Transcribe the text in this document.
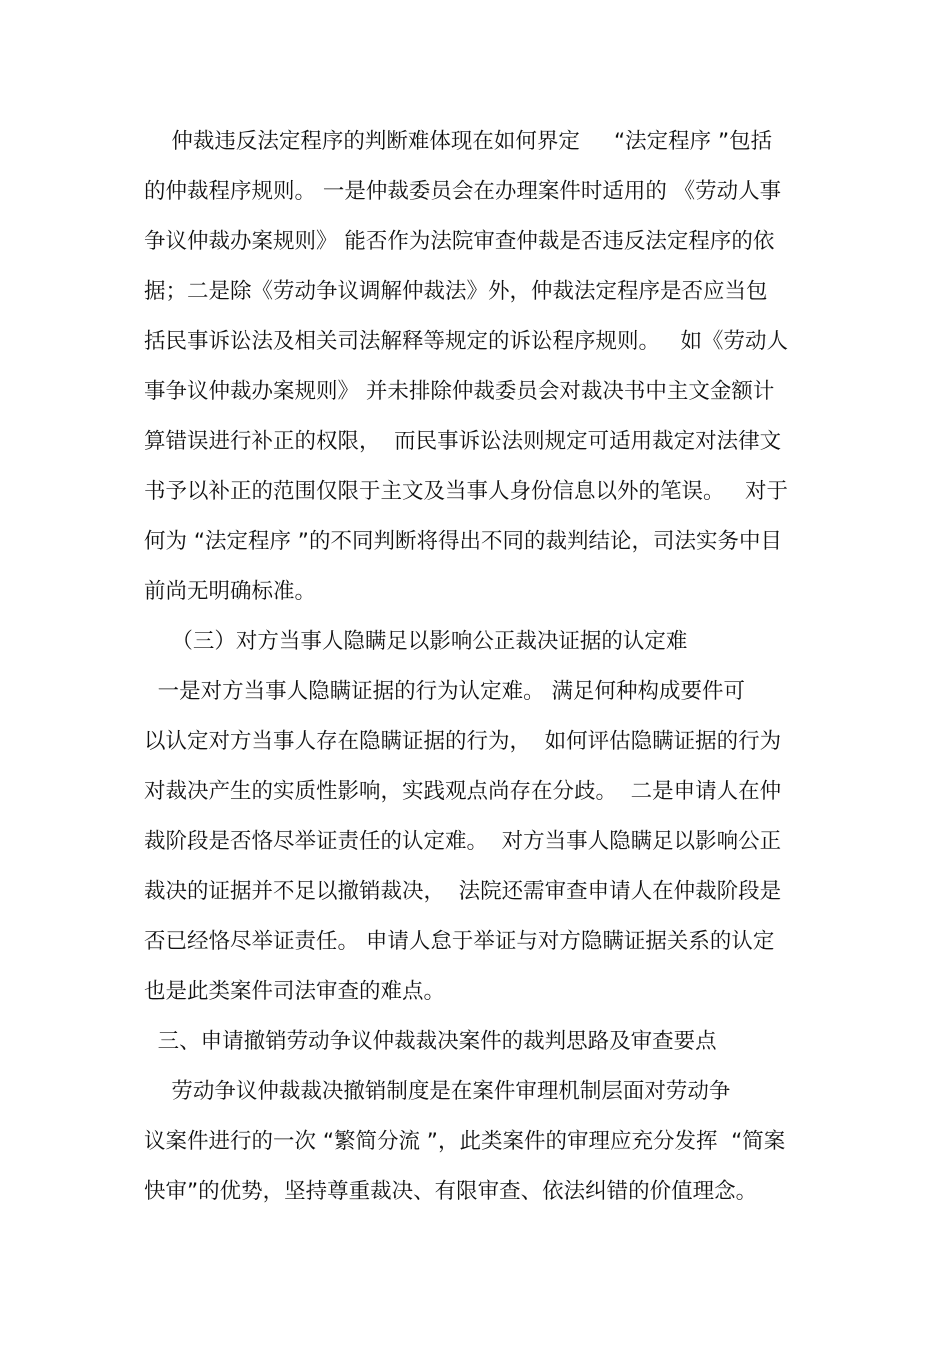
仲裁违反法定程序的判断难体现在如何界定     “法定程序 ”包括
的仲裁程序规则。 一是仲裁委员会在办理案件时适用的 《劳动人事
争议仲裁办案规则》 能否作为法院审查仲裁是否违反法定程序的依
据；二是除《劳动争议调解仲裁法》外，仲裁法定程序是否应当包
括民事诉讼法及相关司法解释等规定的诉讼程序规则。   如《劳动人
事争议仲裁办案规则》 并未排除仲裁委员会对裁决书中主文金额计
算错误进行补正的权限，  而民事诉讼法则规定可适用裁定对法律文
书予以补正的范围仅限于主文及当事人身份信息以外的笔误。   对于
何为 “法定程序 ”的不同判断将得出不同的裁判结论，司法实务中目
前尚无明确标准。
（三）对方当事人隐瞒足以影响公正裁决证据的认定难
一是对方当事人隐瞒证据的行为认定难。 满足何种构成要件可
以认定对方当事人存在隐瞒证据的行为，  如何评估隐瞒证据的行为
对裁决产生的实质性影响，实践观点尚存在分歧。  二是申请人在仲
裁阶段是否恪尽举证责任的认定难。  对方当事人隐瞒足以影响公正
裁决的证据并不足以撤销裁决，  法院还需审查申请人在仲裁阶段是
否已经恪尽举证责任。 申请人怠于举证与对方隐瞒证据关系的认定
也是此类案件司法审查的难点。
三、申请撤销劳动争议仲裁裁决案件的裁判思路及审查要点
劳动争议仲裁裁决撤销制度是在案件审理机制层面对劳动争
议案件进行的一次 “繁简分流 ”，此类案件的审理应充分发挥  “简案
快审”的优势，坚持尊重裁决、有限审查、依法纠错的价值理念。
